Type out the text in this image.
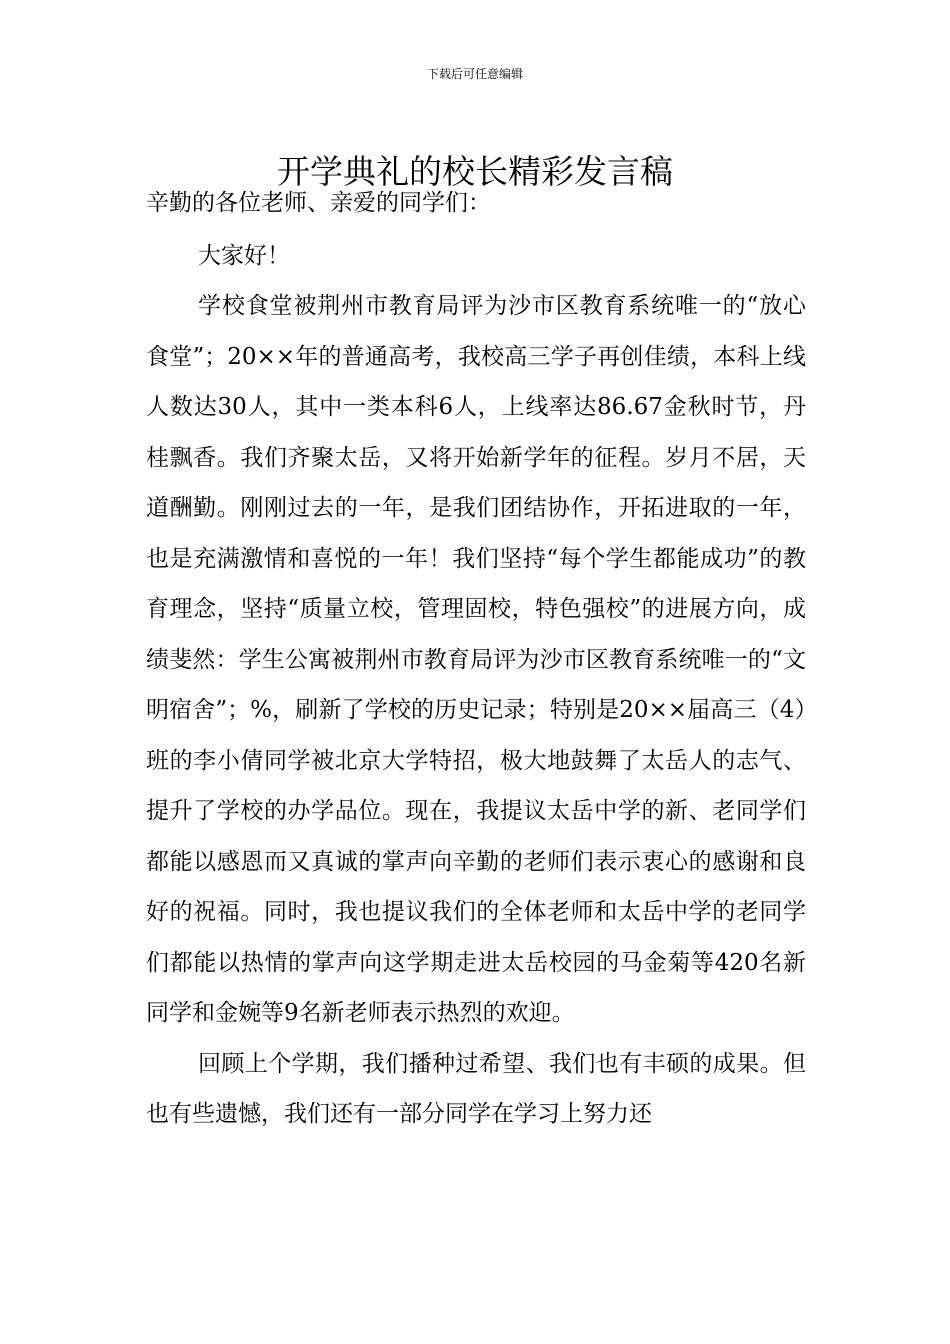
下载后可任意编辑
开学典礼的校长精彩发言稿

辛勤的各位老师、亲爱的同学们：

大家好！

学校食堂被荆州市教育局评为沙市区教育系统唯一的“放心食堂”；20××年的普通高考，我校高三学子再创佳绩，本科上线人数达30人，其中一类本科6人，上线率达86.67金秋时节，丹桂飘香。我们齐聚太岳，又将开始新学年的征程。岁月不居，天道酬勤。刚刚过去的一年，是我们团结协作，开拓进取的一年，也是充满激情和喜悦的一年！我们坚持“每个学生都能成功”的教育理念，坚持“质量立校，管理固校，特色强校”的进展方向，成绩斐然：学生公寓被荆州市教育局评为沙市区教育系统唯一的“文明宿舍”；%，刷新了学校的历史记录；特别是20××届高三（4）班的李小倩同学被北京大学特招，极大地鼓舞了太岳人的志气、提升了学校的办学品位。现在，我提议太岳中学的新、老同学们都能以感恩而又真诚的掌声向辛勤的老师们表示衷心的感谢和良好的祝福。同时，我也提议我们的全体老师和太岳中学的老同学们都能以热情的掌声向这学期走进太岳校园的马金菊等420名新同学和金婉等9名新老师表示热烈的欢迎。

回顾上个学期，我们播种过希望、我们也有丰硕的成果。但也有些遗憾，我们还有一部分同学在学习上努力还
